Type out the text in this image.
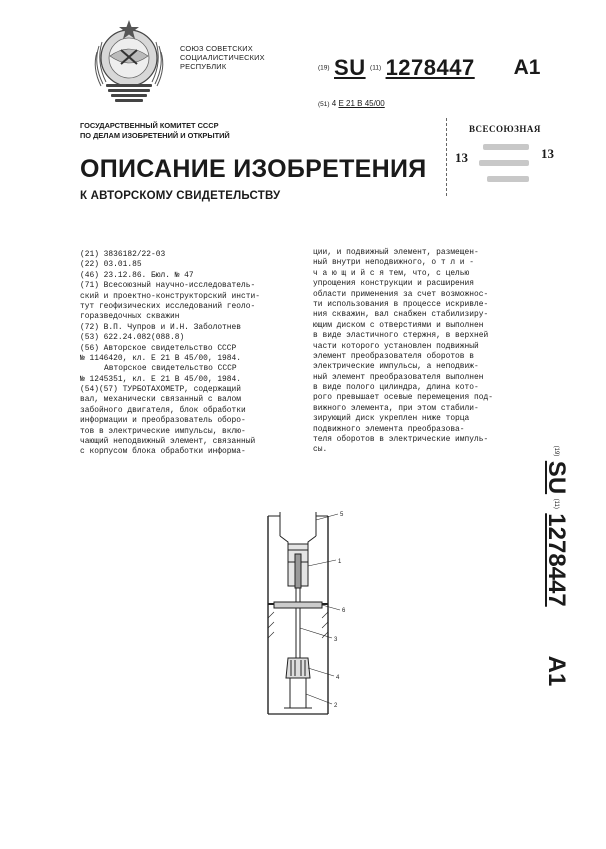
СОЮЗ СОВЕТСКИХ
СОЦИАЛИСТИЧЕСКИХ
РЕСПУБЛИК	(19) SU (11) 1278447 A1
(51) 4 Е 21 В 45/00
ГОСУДАРСТВЕННЫЙ КОМИТЕТ СССР
ПО ДЕЛАМ ИЗОБРЕТЕНИЙ И ОТКРЫТИЙ
ВСЕСОЮЗНАЯ
13	13
ОПИСАНИЕ ИЗОБРЕТЕНИЯ
К АВТОРСКОМУ СВИДЕТЕЛЬСТВУ
(21) 3836182/22-03
(22) 03.01.85
(46) 23.12.86. Бюл. № 47
(71) Всесоюзный научно-исследователь-
ский и проектно-конструкторский инсти-
тут геофизических исследований геоло-
горазведочных скважин
(72) В.П. Чупров и И.Н. Заболотнев
(53) 622.24.082(088.8)
(56) Авторское свидетельство СССР
№ 1146420, кл. Е 21 В 45/00, 1984.
Авторское свидетельство СССР
№ 1245351, кл. Е 21 В 45/00, 1984.
(54)(57) ТУРБОТАХОМЕТР, содержащий
вал, механически связанный с валом
забойного двигателя, блок обработки
информации и преобразователь оборо-
тов в электрические импульсы, вклю-
чающий неподвижный элемент, связанный
с корпусом блока обработки информа-
ции, и подвижный элемент, размещен-
ный внутри неподвижного, о т л и -
ч а ю щ и й с я тем, что, с целью
упрощения конструкции и расширения
области применения за счет возможнос-
ти использования в процессе искривле-
ния скважин, вал снабжен стабилизиру-
ющим диском с отверстиями и выполнен
в виде эластичного стержня, в верхней
части которого установлен подвижный
элемент преобразователя оборотов в
электрические импульсы, а неподвиж-
ный элемент преобразователя выполнен
в виде полого цилиндра, длина кото-
рого превышает осевые перемещения под-
вижного элемента, при этом стабили-
зирующий диск укреплен ниже торца
подвижного элемента преобразова-
теля оборотов в электрические импуль-
сы.	(19) SU (11) 1278447  A1
5
1
6
3
4
2
